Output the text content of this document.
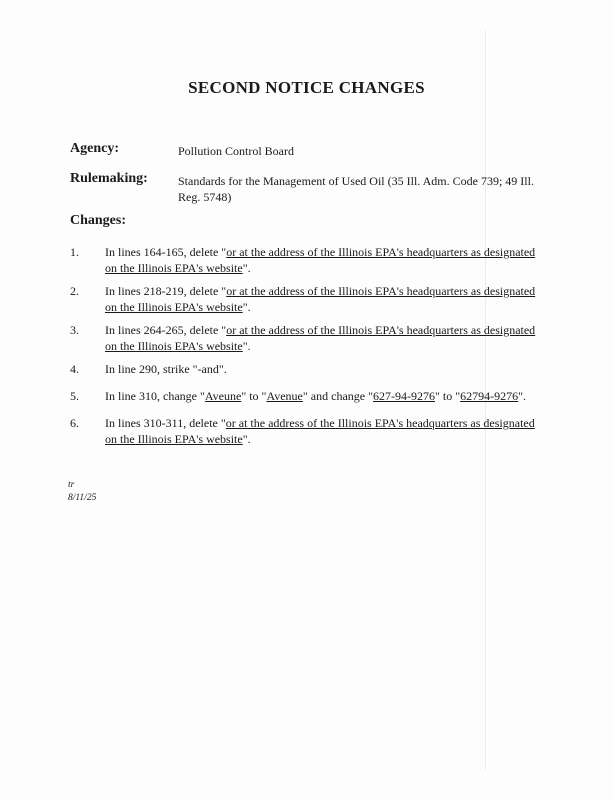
SECOND NOTICE CHANGES
Agency:	Pollution Control Board
Rulemaking:	Standards for the Management of Used Oil (35 Ill. Adm. Code 739; 49 Ill. Reg. 5748)
Changes:
1. In lines 164-165, delete "or at the address of the Illinois EPA's headquarters as designated on the Illinois EPA's website".
2. In lines 218-219, delete "or at the address of the Illinois EPA's headquarters as designated on the Illinois EPA's website".
3. In lines 264-265, delete "or at the address of the Illinois EPA's headquarters as designated on the Illinois EPA's website".
4. In line 290, strike "-and".
5. In line 310, change "Aveune" to "Avenue" and change "627-94-9276" to "62794-9276".
6. In lines 310-311, delete "or at the address of the Illinois EPA's headquarters as designated on the Illinois EPA's website".
tr
8/11/25
